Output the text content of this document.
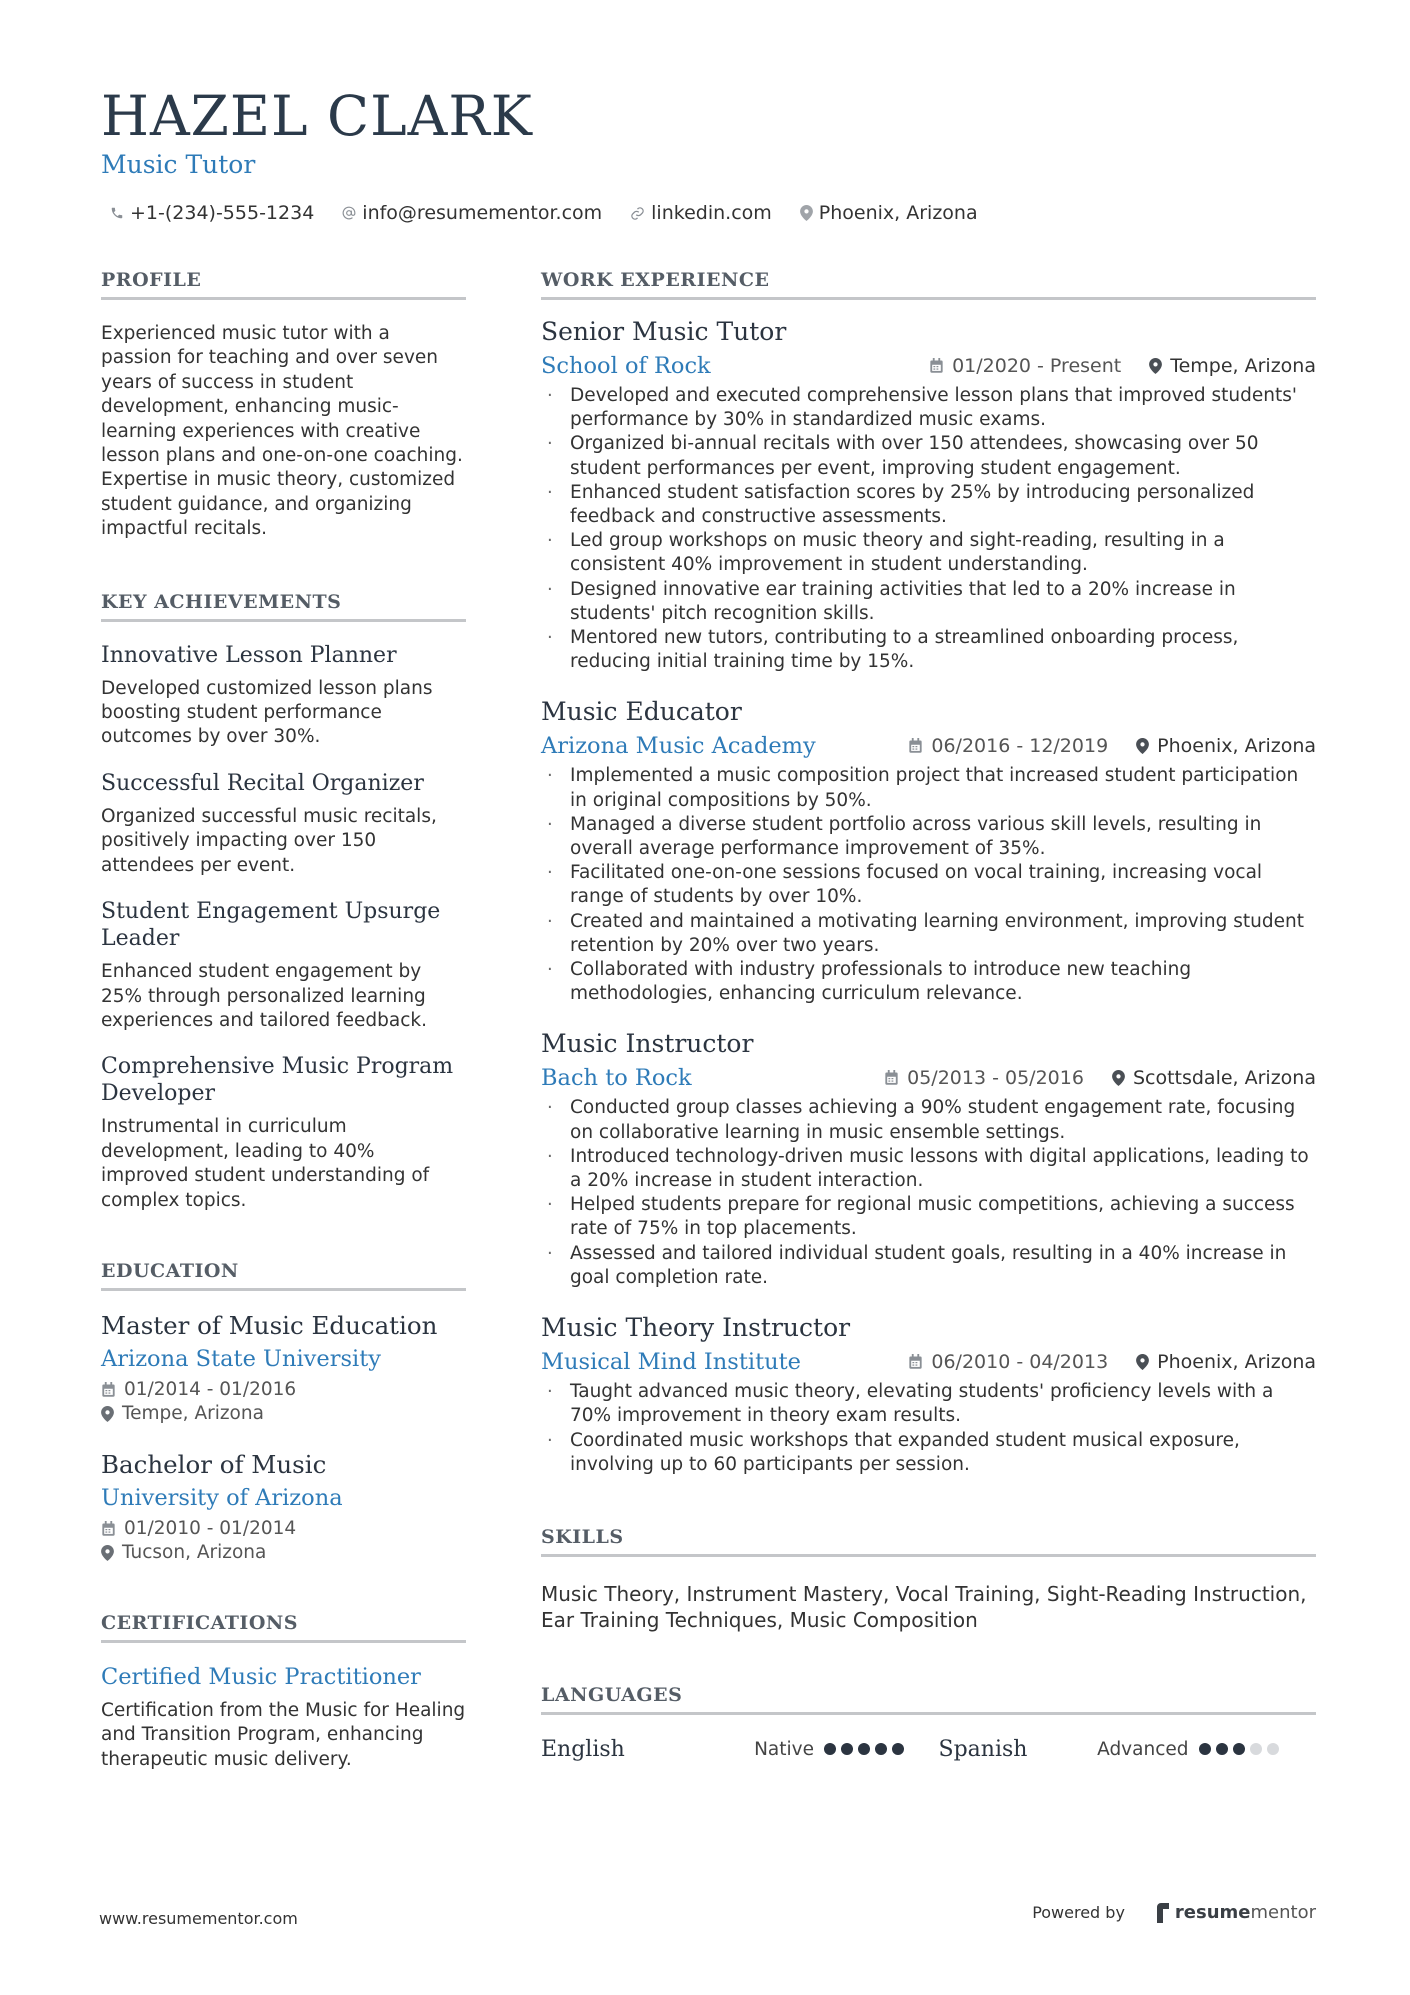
HAZEL CLARK
Music Tutor
+1-(234)-555-1234	info@resumementor.com	linkedin.com Phoenix, Arizona
PROFILE
Experienced music tutor with a passion for teaching and over seven years of success in student development, enhancing music-learning experiences with creative lesson plans and one-on-one coaching. Expertise in music theory, customized student guidance, and organizing impactful recitals.
KEY ACHIEVEMENTS
Innovative Lesson Planner
Developed customized lesson plans boosting student performance outcomes by over 30%.
Successful Recital Organizer
Organized successful music recitals, positively impacting over 150 attendees per event.
Student Engagement Upsurge Leader
Enhanced student engagement by 25% through personalized learning experiences and tailored feedback.
Comprehensive Music Program Developer
Instrumental in curriculum development, leading to 40% improved student understanding of complex topics.
EDUCATION
Master of Music Education
Arizona State University
01/2014 - 01/2016
Tempe, Arizona
Bachelor of Music
University of Arizona
01/2010 - 01/2014
Tucson, Arizona
CERTIFICATIONS
Certified Music Practitioner
Certification from the Music for Healing and Transition Program, enhancing therapeutic music delivery.
WORK EXPERIENCE
Senior Music Tutor
School of Rock	01/2020 - Present	Tempe, Arizona
· Developed and executed comprehensive lesson plans that improved students' performance by 30% in standardized music exams.
· Organized bi-annual recitals with over 150 attendees, showcasing over 50 student performances per event, improving student engagement.
· Enhanced student satisfaction scores by 25% by introducing personalized feedback and constructive assessments.
· Led group workshops on music theory and sight-reading, resulting in a consistent 40% improvement in student understanding.
· Designed innovative ear training activities that led to a 20% increase in students' pitch recognition skills.
· Mentored new tutors, contributing to a streamlined onboarding process, reducing initial training time by 15%.
Music Educator
Arizona Music Academy	06/2016 - 12/2019	Phoenix, Arizona
· Implemented a music composition project that increased student participation in original compositions by 50%.
· Managed a diverse student portfolio across various skill levels, resulting in overall average performance improvement of 35%.
· Facilitated one-on-one sessions focused on vocal training, increasing vocal range of students by over 10%.
· Created and maintained a motivating learning environment, improving student retention by 20% over two years.
· Collaborated with industry professionals to introduce new teaching methodologies, enhancing curriculum relevance.
Music Instructor
Bach to Rock	05/2013 - 05/2016	Scottsdale, Arizona
· Conducted group classes achieving a 90% student engagement rate, focusing on collaborative learning in music ensemble settings.
· Introduced technology-driven music lessons with digital applications, leading to a 20% increase in student interaction.
· Helped students prepare for regional music competitions, achieving a success rate of 75% in top placements.
· Assessed and tailored individual student goals, resulting in a 40% increase in goal completion rate.
Music Theory Instructor
Musical Mind Institute	06/2010 - 04/2013	Phoenix, Arizona
· Taught advanced music theory, elevating students' proficiency levels with a 70% improvement in theory exam results.
· Coordinated music workshops that expanded student musical exposure, involving up to 60 participants per session.
SKILLS
Music Theory, Instrument Mastery, Vocal Training, Sight-Reading Instruction, Ear Training Techniques, Music Composition
LANGUAGES
English	Native	Spanish	Advanced
www.resumementor.com	Powered by	resume mentor
